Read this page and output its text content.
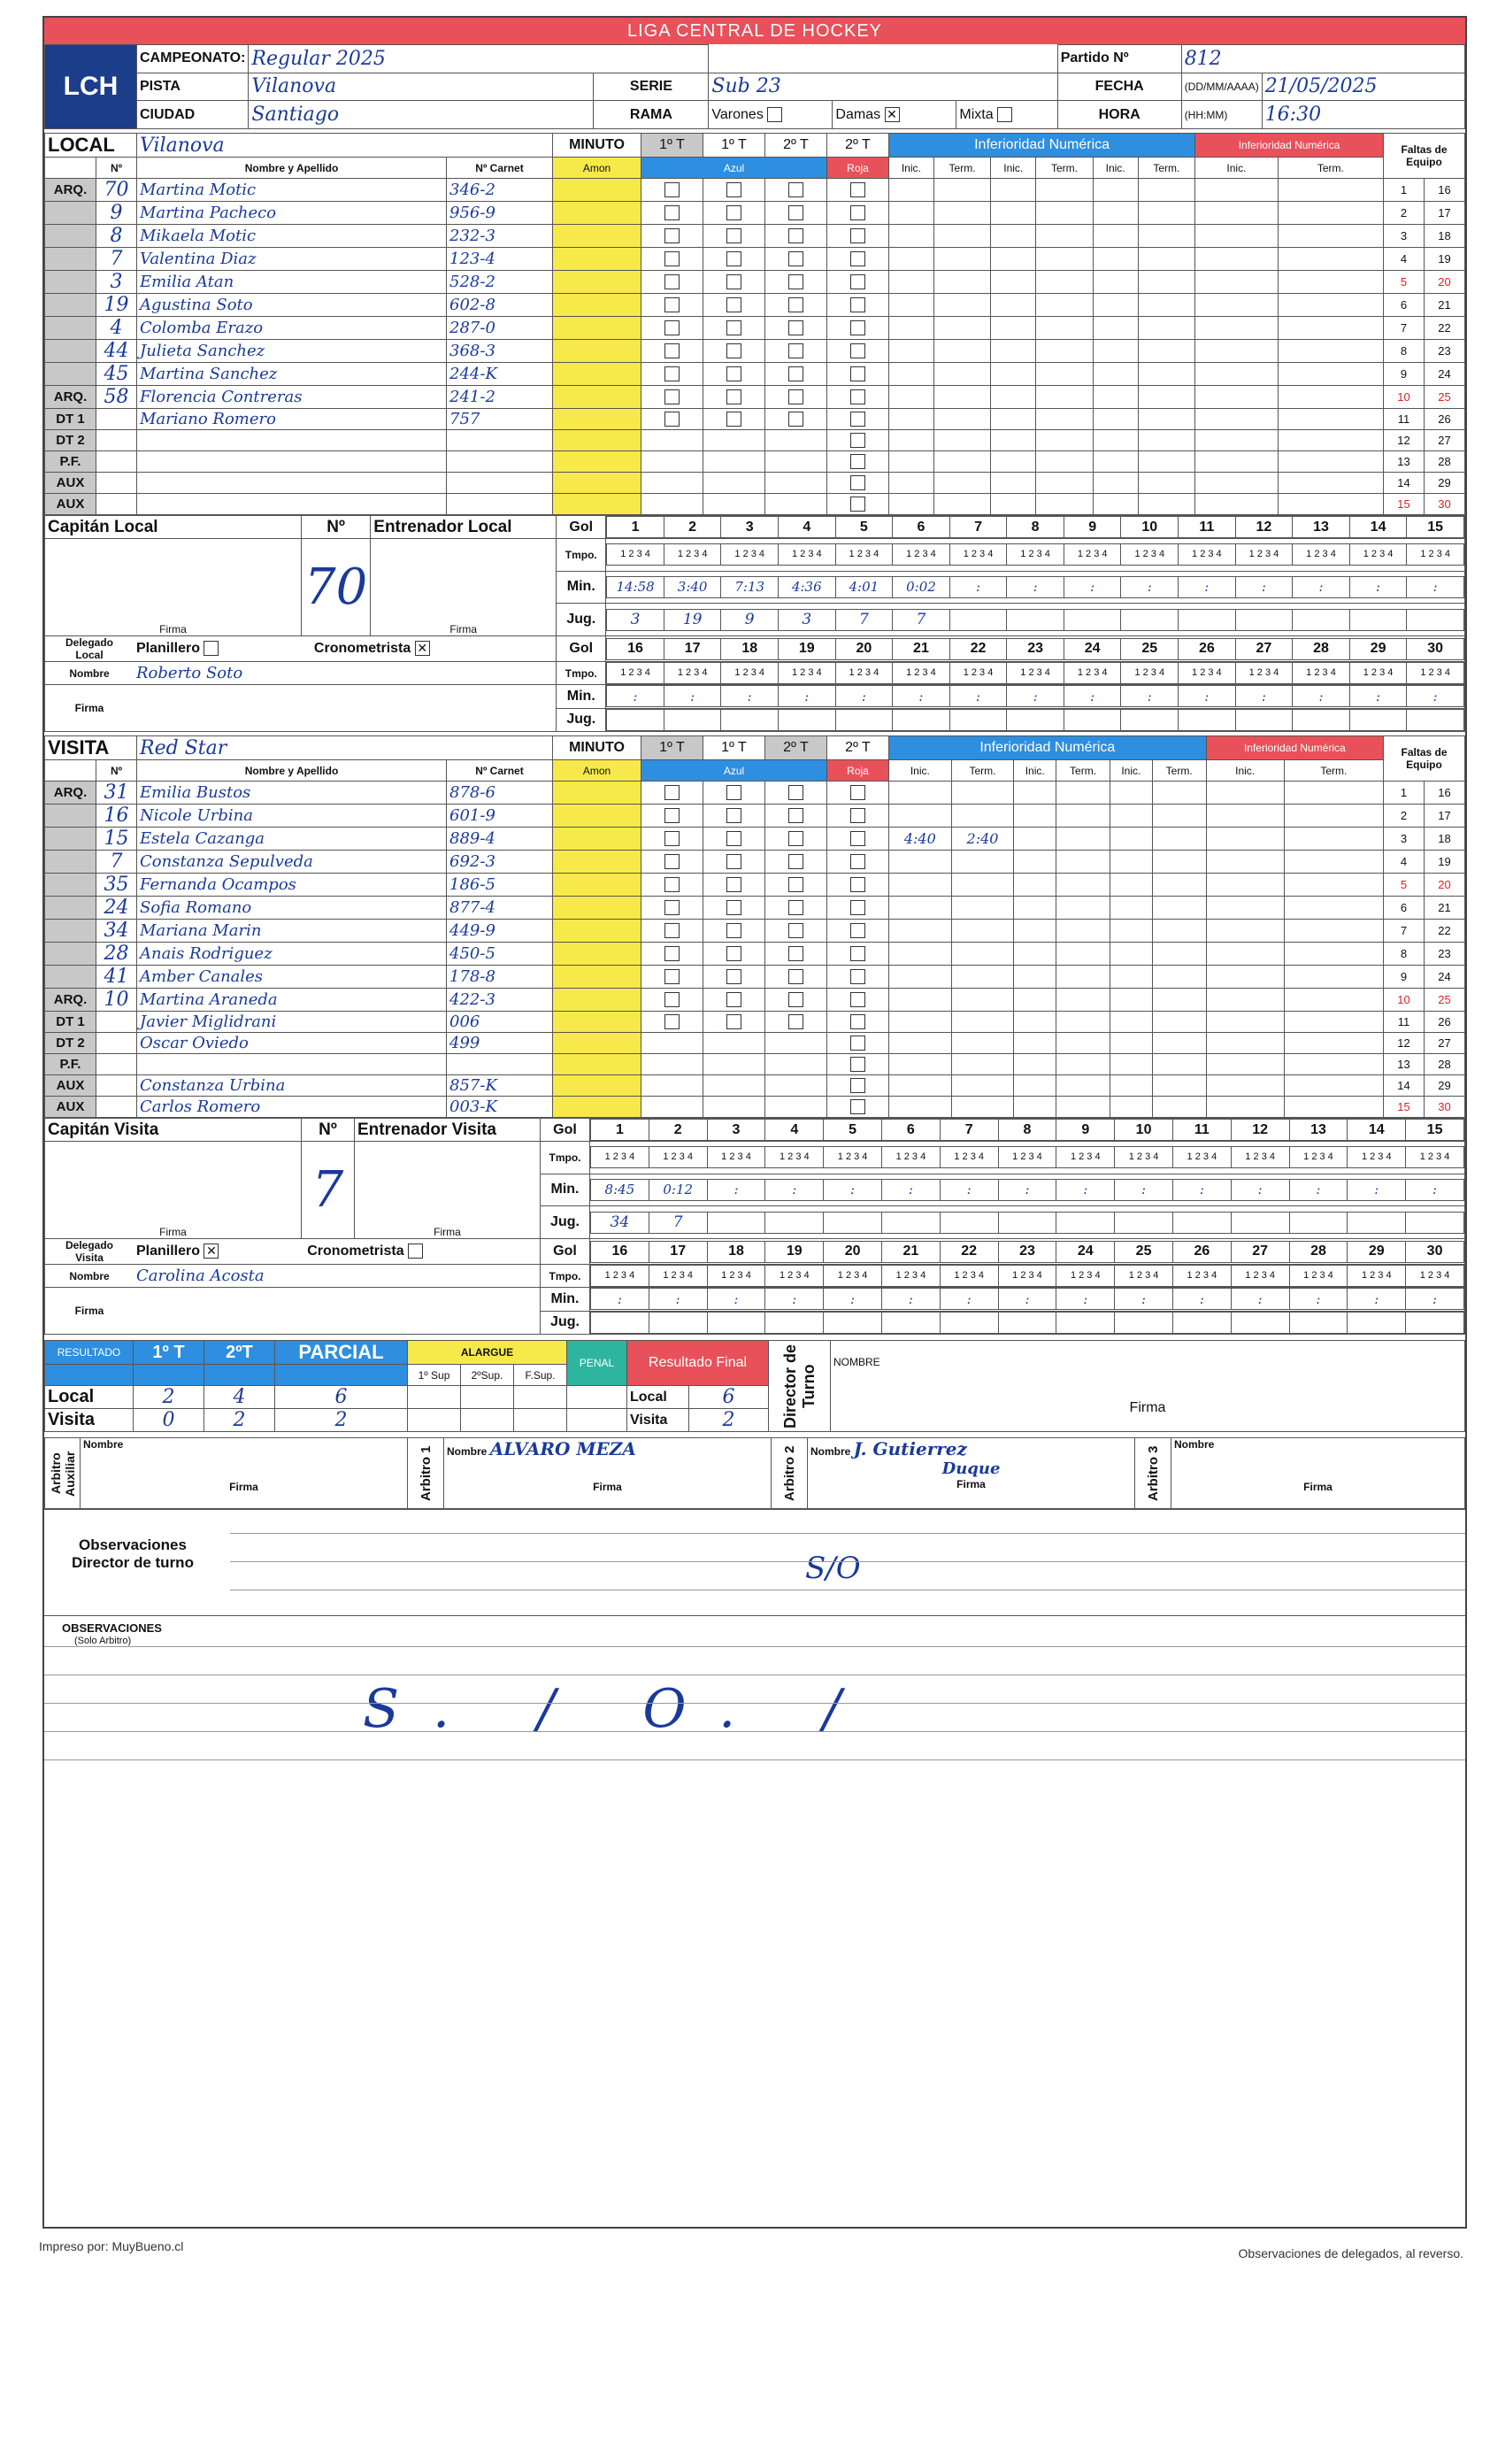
LIGA CENTRAL DE HOCKEY
LCH	CAMPEONATO:	Regular 2025					Partido Nº	812	
	PISTA	Vilanova	SERIE	Sub 23			FECHA	(DD/MM/AAAA)	21/05/2025
	CIUDAD	Santiago	RAMA	Varones	Damas ✕	Mixta	HORA	(HH:MM)	16:30
LOCAL		Vilanova		MINUTO	1º T	1º T	2º T	2º T	Inferioridad Numérica						Inferioridad Numérica		Faltas de Equipo	
	Nº	Nombre y Apellido	Nº Carnet	Amon	Azul			Roja	Inic.	Term.	Inic.	Term.	Inic.	Term.	Inic.	Term.		
ARQ.	70	Martina Motic	346-2														1	16
	9	Martina Pacheco	956-9														2	17
	8	Mikaela Motic	232-3														3	18
	7	Valentina Diaz	123-4														4	19
	3	Emilia Atan	528-2														5	20
	19	Agustina Soto	602-8														6	21
	4	Colomba Erazo	287-0														7	22
	44	Julieta Sanchez	368-3														8	23
	45	Martina Sanchez	244-K														9	24
ARQ.	58	Florencia Contreras	241-2														10	25
DT 1		Mariano Romero	757														11	26
DT 2																	12	27
P.F.																	13	28
AUX																	14	29
AUX																	15	30
Capitán Local	Nº	Entrenador Local	Gol		1	2	3	4	5	6	7	8	9	10	11	12	13	14	15

Firma	70	Firma	Tmpo.	1 2 3 4	1 2 3 4	1 2 3 4	1 2 3 4	1 2 3 4	1 2 3 4	1 2 3 4	1 2 3 4	1 2 3 4	1 2 3 4	1 2 3 4	1 2 3 4	1 2 3 4	1 2 3 4	1 2 3 4

Min.	14:58	3:40	7:13	4:36	4:01	0:02	:	:	:	:	:	:	:	:	:

Jug.	3	19	9	3	7	7									

Delegado
Local	Planillero	Cronometrista ✕
		Gol	16	17	18	19	20	21	22	23	24	25	26	27	28	29	30

Nombre	Roberto Soto
		Tmpo.	1 2 3 4	1 2 3 4	1 2 3 4	1 2 3 4	1 2 3 4	1 2 3 4	1 2 3 4	1 2 3 4	1 2 3 4	1 2 3 4	1 2 3 4	1 2 3 4	1 2 3 4	1 2 3 4	1 2 3 4

Firma	
	Min.		:	:	:	:	:	:	:	:	:	:	:	:	:	:	:

Jug.	

VISITA		Red Star		MINUTO	1º T	1º T	2º T	2º T	Inferioridad Numérica						Inferioridad Numérica		Faltas de Equipo	
	Nº	Nombre y Apellido	Nº Carnet	Amon	Azul			Roja	Inic.	Term.	Inic.	Term.	Inic.	Term.	Inic.	Term.		
ARQ.	31	Emilia Bustos	878-6														1	16
	16	Nicole Urbina	601-9														2	17
	15	Estela Cazanga	889-4						4:40	2:40							3	18
	7	Constanza Sepulveda	692-3														4	19
	35	Fernanda Ocampos	186-5														5	20
	24	Sofia Romano	877-4														6	21
	34	Mariana Marin	449-9														7	22
	28	Anais Rodriguez	450-5														8	23
	41	Amber Canales	178-8														9	24
ARQ.	10	Martina Araneda	422-3														10	25
DT 1		Javier Miglidrani	006														11	26
DT 2		Oscar Oviedo	499														12	27
P.F.																	13	28
AUX		Constanza Urbina	857-K														14	29
AUX		Carlos Romero	003-K														15	30
Capitán Visita	Nº	Entrenador Visita	Gol		1	2	3	4	5	6	7	8	9	10	11	12	13	14	15

Firma	7	Firma	Tmpo.	1 2 3 4	1 2 3 4	1 2 3 4	1 2 3 4	1 2 3 4	1 2 3 4	1 2 3 4	1 2 3 4	1 2 3 4	1 2 3 4	1 2 3 4	1 2 3 4	1 2 3 4	1 2 3 4	1 2 3 4

Min.	8:45	0:12	:	:	:	:	:	:	:	:	:	:	:	:	:

Jug.	34	7													

Delegado
Visita	Planillero ✕	Cronometrista
		Gol	16	17	18	19	20	21	22	23	24	25	26	27	28	29	30

Nombre	Carolina Acosta
		Tmpo.	1 2 3 4	1 2 3 4	1 2 3 4	1 2 3 4	1 2 3 4	1 2 3 4	1 2 3 4	1 2 3 4	1 2 3 4	1 2 3 4	1 2 3 4	1 2 3 4	1 2 3 4	1 2 3 4	1 2 3 4

Firma	
	Min.		:	:	:	:	:	:	:	:	:	:	:	:	:	:	:

Jug.	

RESULTADO	1º T	2ºT	PARCIAL	ALARGUE			PENAL	Resultado Final		Director de Turno	NOMBRE
Firma

				1º Sup	2ºSup.	F.Sup.					
Local	2	4	6					Local	6		
Visita	0	2	2					Visita	2		
Arbitro Auxiliar	Nombre
Firma	Arbitro 1	Nombre ALVARO MEZA
Firma	Arbitro 2	Nombre J. Gutierrez
Duque
Firma	Arbitro 3	Nombre
Firma
Observaciones Director de turno	S/O
OBSERVACIONES
(Solo Arbitro)
S. / O. /
Impreso por: MuyBueno.cl	Observaciones de delegados, al reverso.
